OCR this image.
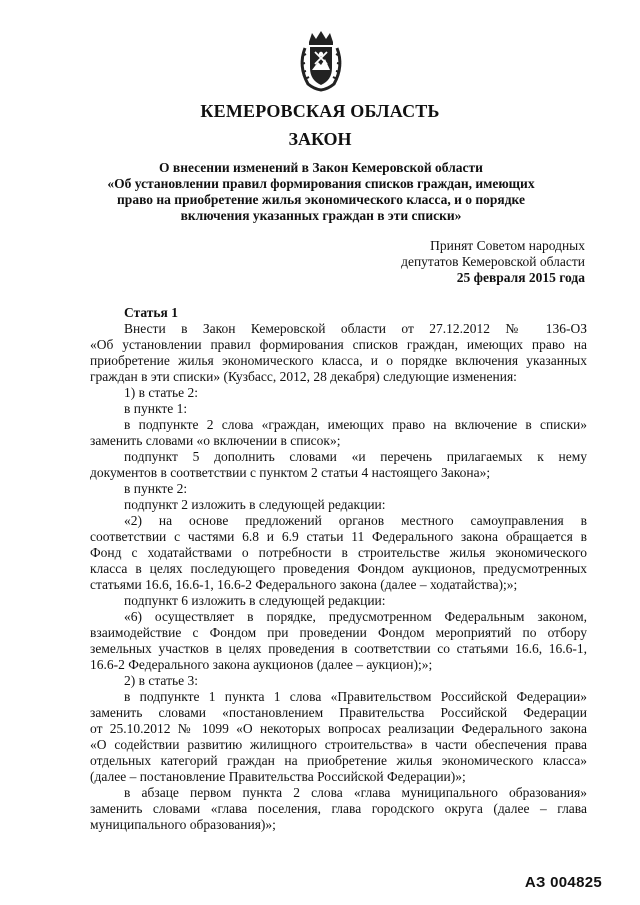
КЕМЕРОВСКАЯ ОБЛАСТЬ
ЗАКОН
О внесении изменений в Закон Кемеровской области
«Об установлении правил формирования списков граждан, имеющих
право на приобретение жилья экономического класса, и о порядке
включения указанных граждан в эти списки»
Принят Советом народных
депутатов Кемеровской области
25 февраля 2015 года
Статья 1
Внести в Закон Кемеровской области от 27.12.2012 № 136-ОЗ
«Об установлении правил формирования списков граждан, имеющих право на
приобретение жилья экономического класса, и о порядке включения указанных
граждан в эти списки» (Кузбасс, 2012, 28 декабря) следующие изменения:
1) в статье 2:
в пункте 1:
в подпункте 2 слова «граждан, имеющих право на включение в списки»
заменить словами «о включении в список»;
подпункт 5 дополнить словами «и перечень прилагаемых к нему
документов в соответствии с пунктом 2 статьи 4 настоящего Закона»;
в пункте 2:
подпункт 2 изложить в следующей редакции:
«2) на основе предложений органов местного самоуправления в
соответствии с частями 6.8 и 6.9 статьи 11 Федерального закона обращается в
Фонд с ходатайствами о потребности в строительстве жилья экономического
класса в целях последующего проведения Фондом аукционов, предусмотренных
статьями 16.6, 16.6-1, 16.6-2 Федерального закона (далее – ходатайства);»;
подпункт 6 изложить в следующей редакции:
«6) осуществляет в порядке, предусмотренном Федеральным законом,
взаимодействие с Фондом при проведении Фондом мероприятий по отбору
земельных участков в целях проведения в соответствии со статьями 16.6, 16.6-1,
16.6-2 Федерального закона аукционов (далее – аукцион);»;
2) в статье 3:
в подпункте 1 пункта 1 слова «Правительством Российской Федерации»
заменить словами «постановлением Правительства Российской Федерации
от 25.10.2012 № 1099 «О некоторых вопросах реализации Федерального закона
«О содействии развитию жилищного строительства» в части обеспечения права
отдельных категорий граждан на приобретение жилья экономического класса»
(далее – постановление Правительства Российской Федерации)»;
в абзаце первом пункта 2 слова «глава муниципального образования»
заменить словами «глава поселения, глава городского округа (далее – глава
муниципального образования)»;
АЗ 004825
